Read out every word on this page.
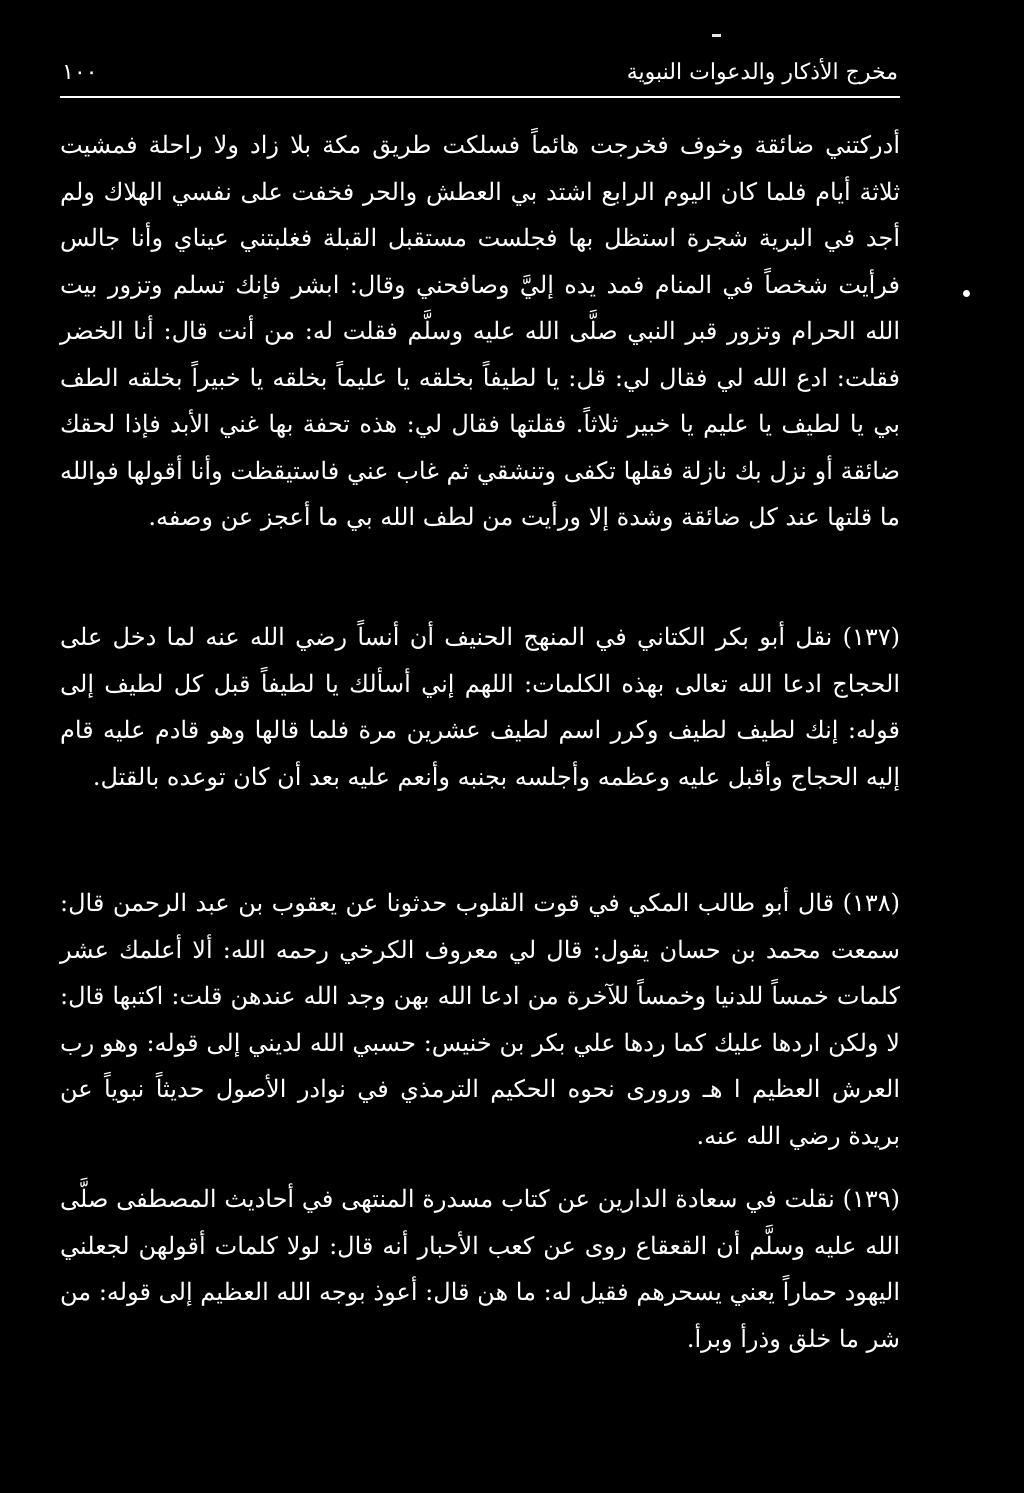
١٠٠	مخرج الأذكار والدعوات النبوية

أدركتني ضائقة وخوف فخرجت هائماً فسلكت طريق مكة بلا زاد ولا راحلة فمشيت ثلاثة أيام فلما كان اليوم الرابع اشتد بي العطش والحر فخفت على نفسي الهلاك ولم أجد في البرية شجرة استظل بها فجلست مستقبل القبلة فغلبتني عيناي وأنا جالس فرأيت شخصاً في المنام فمد يده إليَّ وصافحني وقال: ابشر فإنك تسلم وتزور بيت الله الحرام وتزور قبر النبي صلَّى الله عليه وسلَّم فقلت له: من أنت قال: أنا الخضر فقلت: ادع الله لي فقال لي: قل: يا لطيفاً بخلقه يا عليماً بخلقه يا خبيراً بخلقه الطف بي يا لطيف يا عليم يا خبير ثلاثاً. فقلتها فقال لي: هذه تحفة بها غني الأبد فإذا لحقك ضائقة أو نزل بك نازلة فقلها تكفى وتنشقي ثم غاب عني فاستيقظت وأنا أقولها فوالله ما قلتها عند كل ضائقة وشدة إلا ورأيت من لطف الله بي ما أعجز عن وصفه.

(١٣٧) نقل أبو بكر الكتاني في المنهج الحنيف أن أنساً رضي الله عنه لما دخل على الحجاج ادعا الله تعالى بهذه الكلمات: اللهم إني أسألك يا لطيفاً قبل كل لطيف إلى قوله: إنك لطيف لطيف وكرر اسم لطيف عشرين مرة فلما قالها وهو قادم عليه قام إليه الحجاج وأقبل عليه وعظمه وأجلسه بجنبه وأنعم عليه بعد أن كان توعده بالقتل.

(١٣٨) قال أبو طالب المكي في قوت القلوب حدثونا عن يعقوب بن عبد الرحمن قال: سمعت محمد بن حسان يقول: قال لي معروف الكرخي رحمه الله: ألا أعلمك عشر كلمات خمساً للدنيا وخمساً للآخرة من ادعا الله بهن وجد الله عندهن قلت: اكتبها قال: لا ولكن اردها عليك كما ردها علي بكر بن خنيس: حسبي الله لديني إلى قوله: وهو رب العرش العظيم ا هـ ورورى نحوه الحكيم الترمذي في نوادر الأصول حديثاً نبوياً عن بريدة رضي الله عنه.

(١٣٩) نقلت في سعادة الدارين عن كتاب مسدرة المنتهى في أحاديث المصطفى صلَّى الله عليه وسلَّم أن القعقاع روى عن كعب الأحبار أنه قال: لولا كلمات أقولهن لجعلني اليهود حماراً يعني يسحرهم فقيل له: ما هن قال: أعوذ بوجه الله العظيم إلى قوله: من شر ما خلق وذرأ وبرأ.
